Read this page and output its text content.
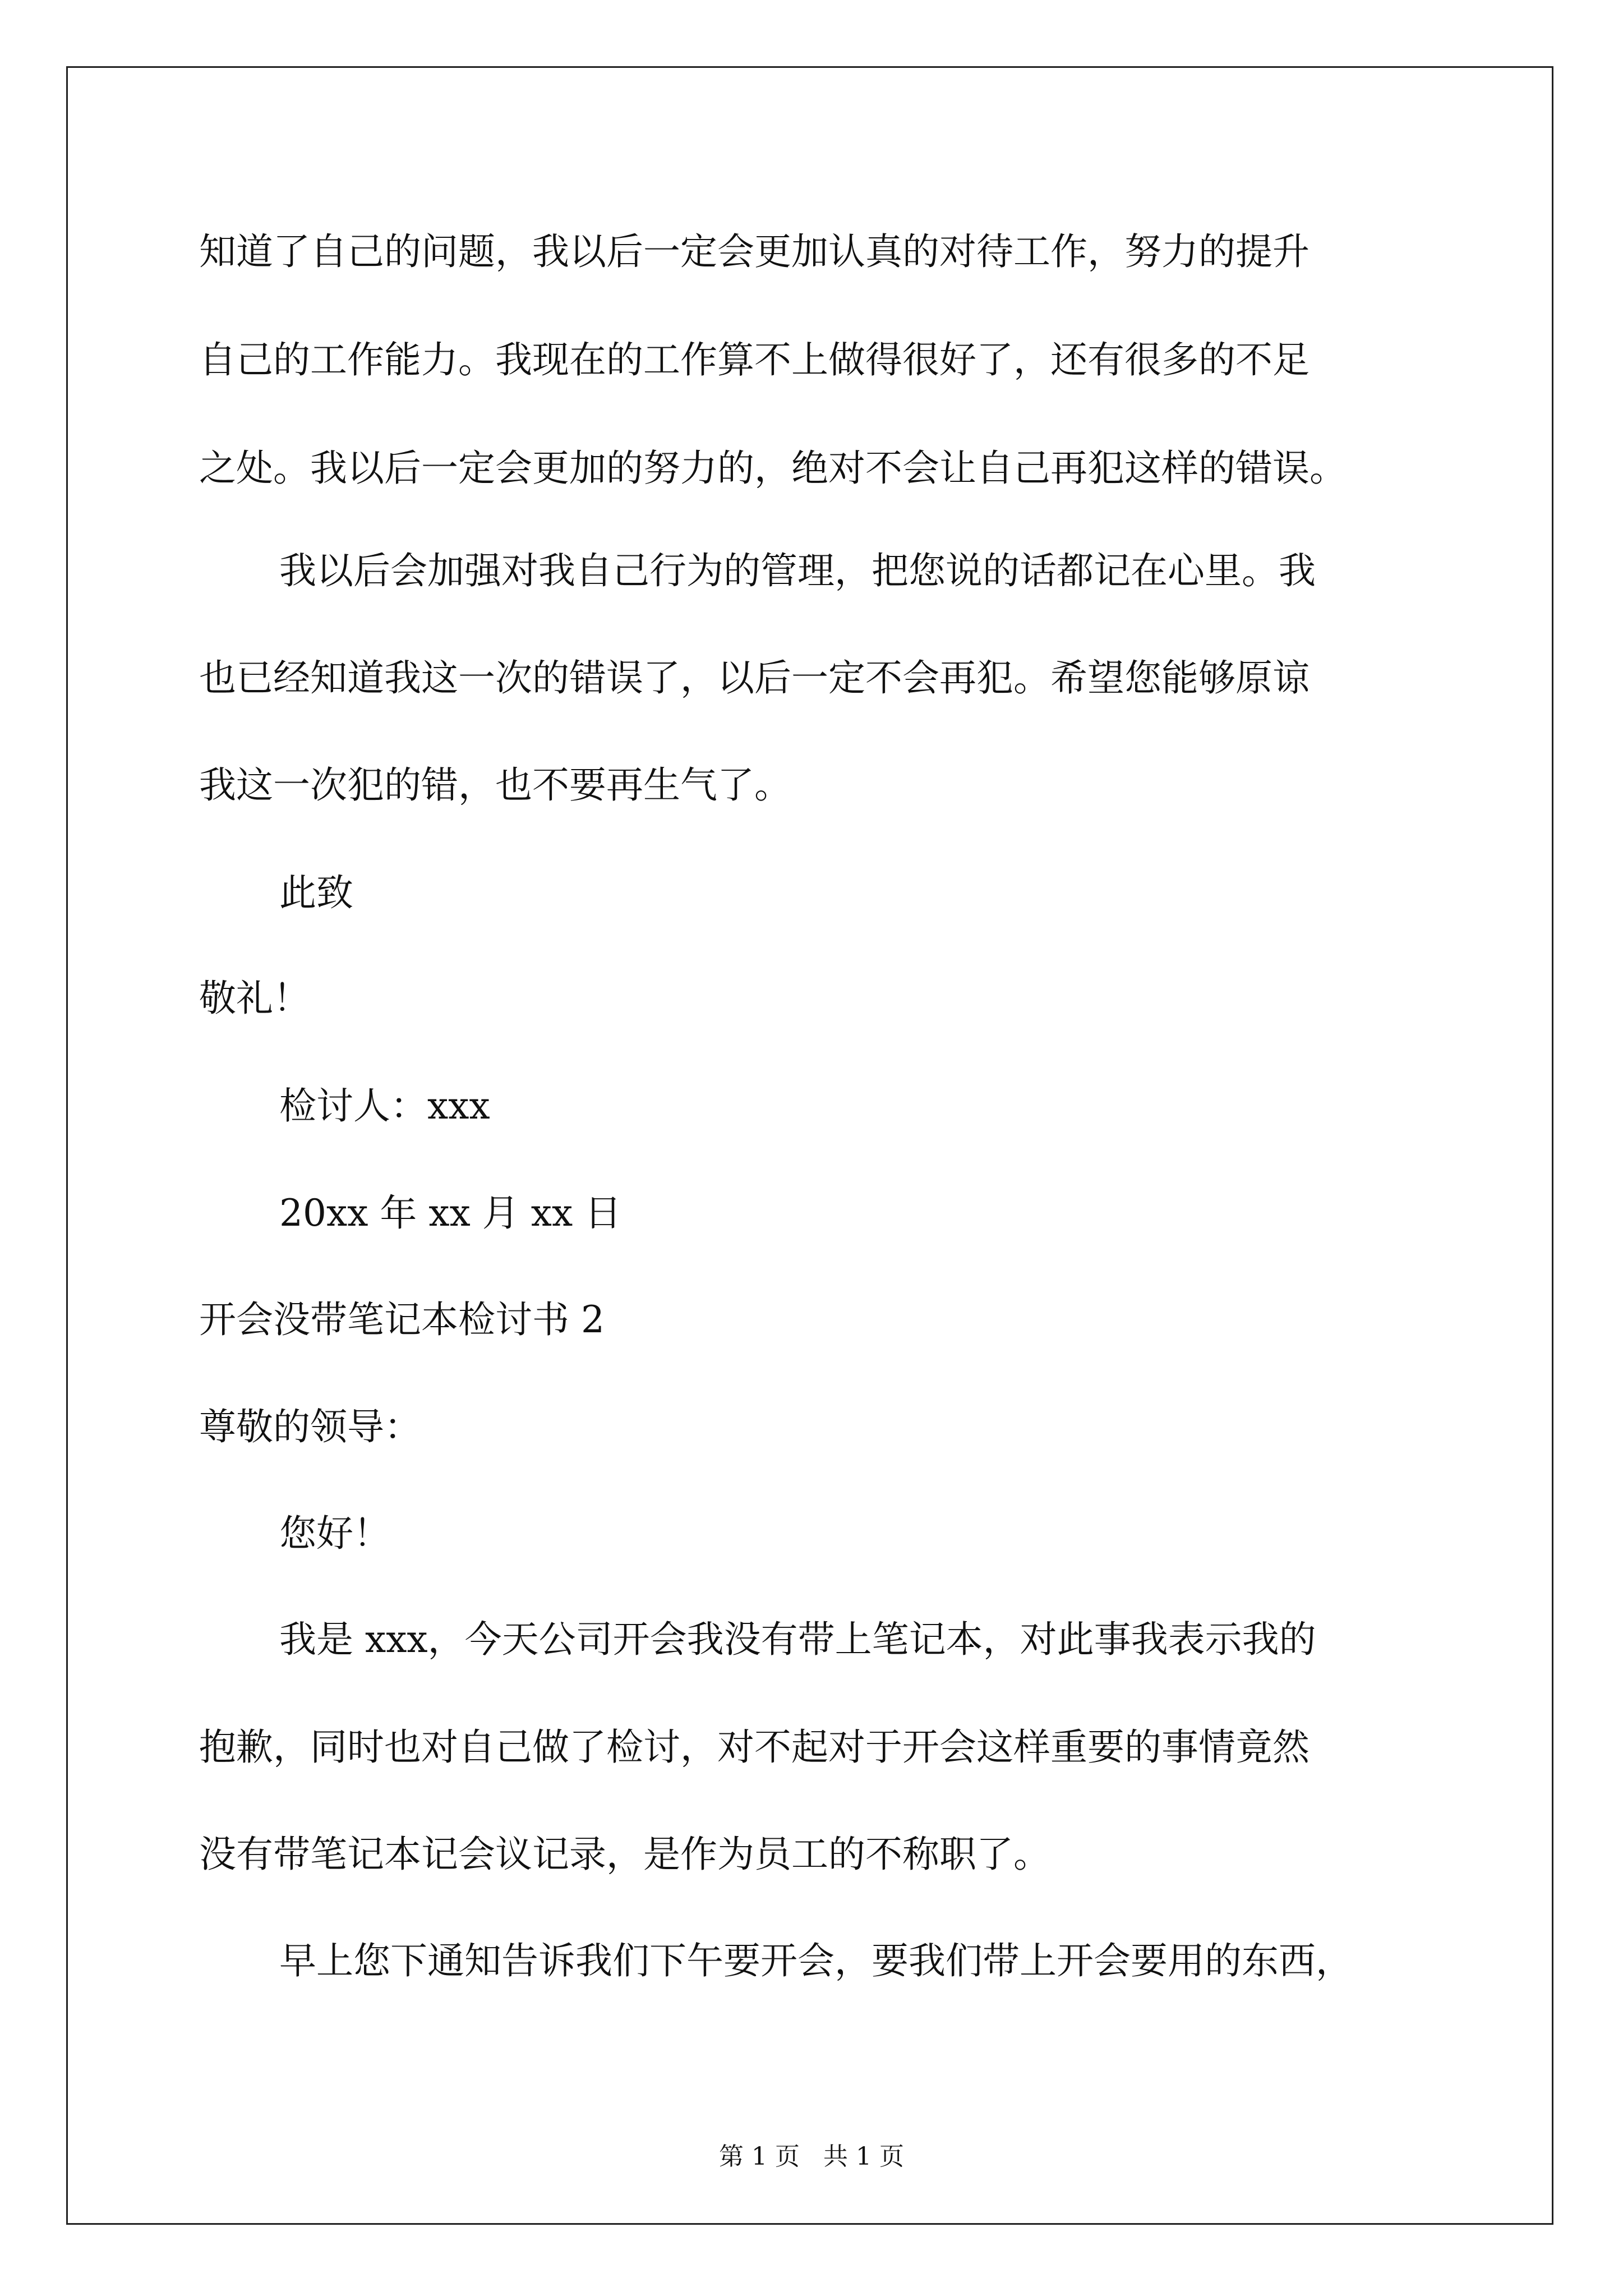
知道了自己的问题，我以后一定会更加认真的对待工作，努力的提升
自己的工作能力。我现在的工作算不上做得很好了，还有很多的不足
之处。我以后一定会更加的努力的，绝对不会让自己再犯这样的错误。
我以后会加强对我自己行为的管理，把您说的话都记在心里。我
也已经知道我这一次的错误了，以后一定不会再犯。希望您能够原谅
我这一次犯的错，也不要再生气了。
此致
敬礼！
检讨人：xxx
20xx 年 xx 月 xx 日
开会没带笔记本检讨书 2
尊敬的领导：
您好！
我是 xxx，今天公司开会我没有带上笔记本，对此事我表示我的
抱歉，同时也对自己做了检讨，对不起对于开会这样重要的事情竟然
没有带笔记本记会议记录，是作为员工的不称职了。
早上您下通知告诉我们下午要开会，要我们带上开会要用的东西，
第 1 页   共 1 页
